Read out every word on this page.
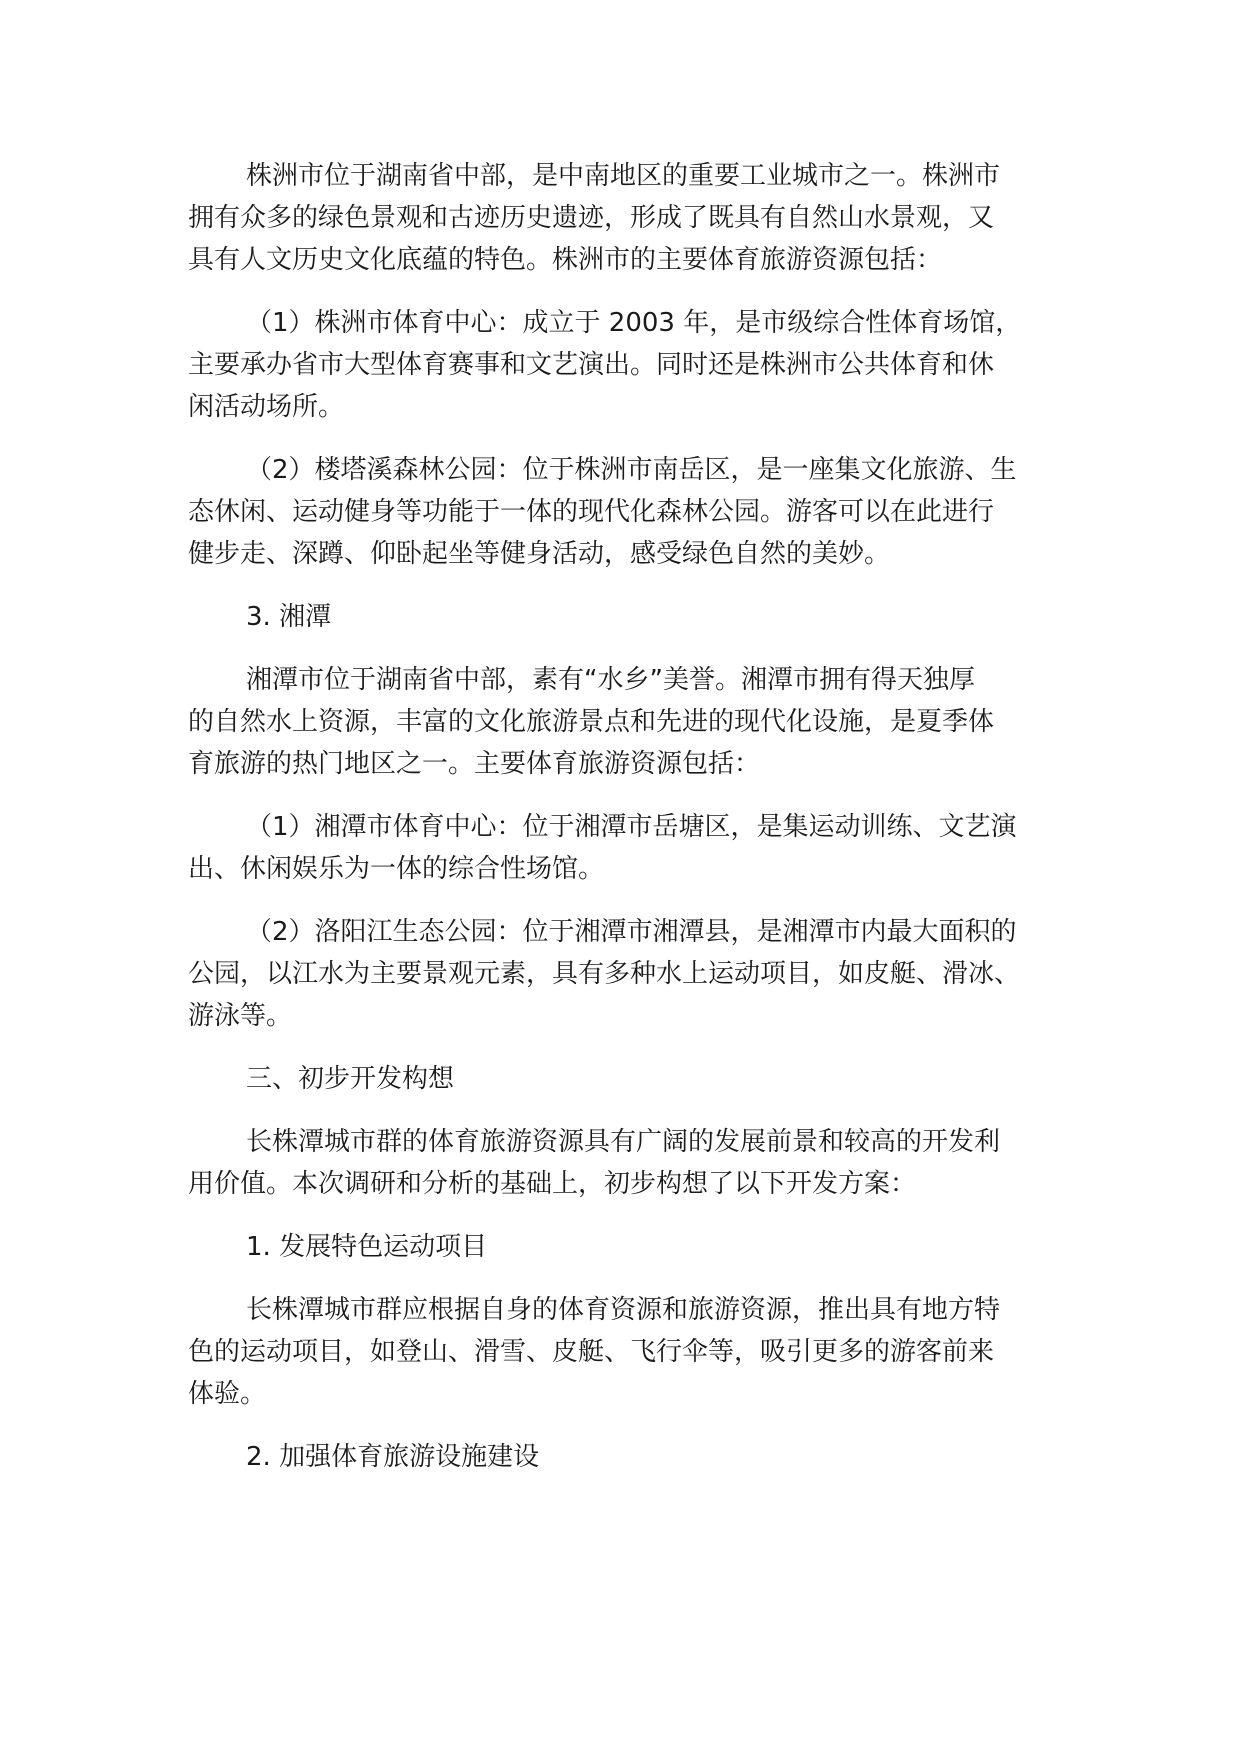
株洲市位于湖南省中部，是中南地区的重要工业城市之一。株洲市
拥有众多的绿色景观和古迹历史遗迹，形成了既具有自然山水景观，又
具有人文历史文化底蕴的特色。株洲市的主要体育旅游资源包括：

（1）株洲市体育中心：成立于 2003 年，是市级综合性体育场馆，
主要承办省市大型体育赛事和文艺演出。同时还是株洲市公共体育和休
闲活动场所。

（2）楼塔溪森林公园：位于株洲市南岳区，是一座集文化旅游、生
态休闲、运动健身等功能于一体的现代化森林公园。游客可以在此进行
健步走、深蹲、仰卧起坐等健身活动，感受绿色自然的美妙。

3. 湘潭

湘潭市位于湖南省中部，素有“水乡”美誉。湘潭市拥有得天独厚
的自然水上资源，丰富的文化旅游景点和先进的现代化设施，是夏季体
育旅游的热门地区之一。主要体育旅游资源包括：

（1）湘潭市体育中心：位于湘潭市岳塘区，是集运动训练、文艺演
出、休闲娱乐为一体的综合性场馆。

（2）洛阳江生态公园：位于湘潭市湘潭县，是湘潭市内最大面积的
公园，以江水为主要景观元素，具有多种水上运动项目，如皮艇、滑冰、
游泳等。

三、初步开发构想

长株潭城市群的体育旅游资源具有广阔的发展前景和较高的开发利
用价值。本次调研和分析的基础上，初步构想了以下开发方案：

1. 发展特色运动项目

长株潭城市群应根据自身的体育资源和旅游资源，推出具有地方特
色的运动项目，如登山、滑雪、皮艇、飞行伞等，吸引更多的游客前来
体验。

2. 加强体育旅游设施建设
